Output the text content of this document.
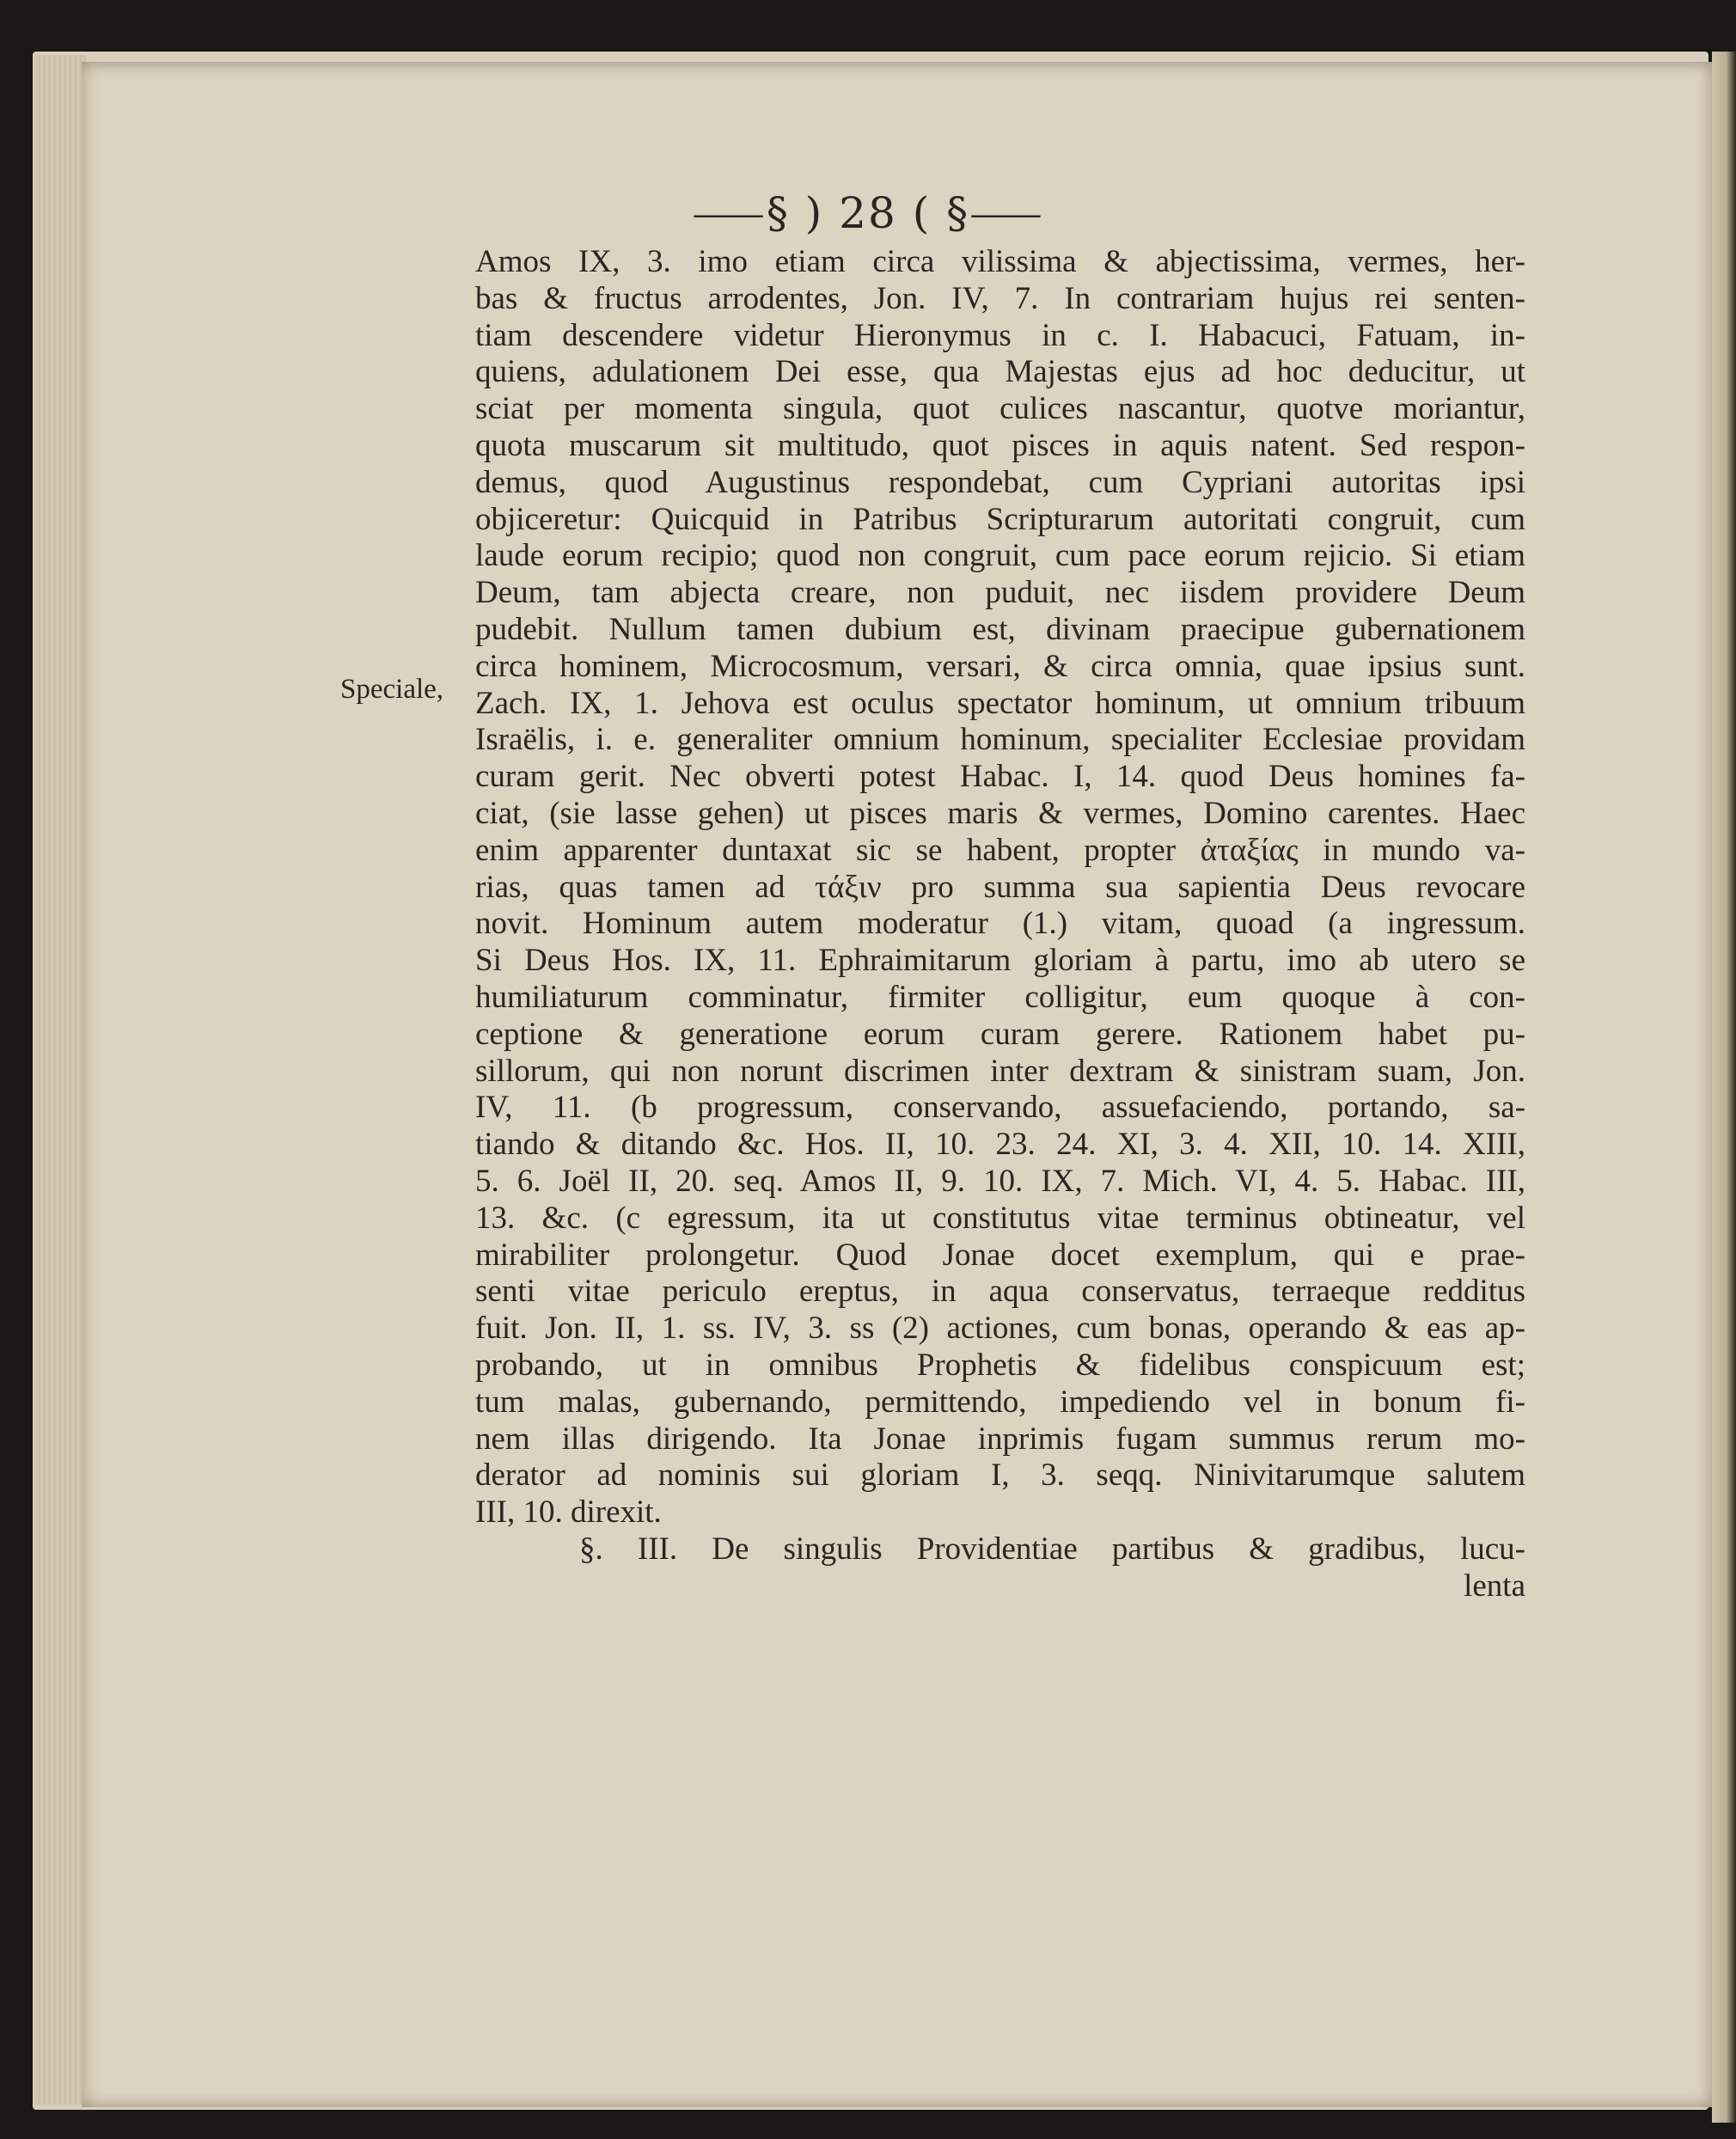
⸺§ ) 28 ( §⸺
Speciale,
Amos IX, 3. imo etiam circa vilissima & abjectissima, vermes, her-
bas & fructus arrodentes, Jon. IV, 7. In contrariam hujus rei senten-
tiam descendere videtur Hieronymus in c. I. Habacuci, Fatuam, in-
quiens, adulationem Dei esse, qua Majestas ejus ad hoc deducitur, ut
sciat per momenta singula, quot culices nascantur, quotve moriantur,
quota muscarum sit multitudo, quot pisces in aquis natent. Sed respon-
demus, quod Augustinus respondebat, cum Cypriani autoritas ipsi
objiceretur: Quicquid in Patribus Scripturarum autoritati congruit, cum
laude eorum recipio; quod non congruit, cum pace eorum rejicio. Si etiam
Deum, tam abjecta creare, non puduit, nec iisdem providere Deum
pudebit. Nullum tamen dubium est, divinam praecipue gubernationem
circa hominem, Microcosmum, versari, & circa omnia, quae ipsius sunt.
Zach. IX, 1. Jehova est oculus spectator hominum, ut omnium tribuum
Israëlis, i. e. generaliter omnium hominum, specialiter Ecclesiae providam
curam gerit. Nec obverti potest Habac. I, 14. quod Deus homines fa-
ciat, (sie lasse gehen) ut pisces maris & vermes, Domino carentes. Haec
enim apparenter duntaxat sic se habent, propter ἀταξίας in mundo va-
rias, quas tamen ad τάξιν pro summa sua sapientia Deus revocare
novit. Hominum autem moderatur (1.) vitam, quoad (a ingressum.
Si Deus Hos. IX, 11. Ephraimitarum gloriam à partu, imo ab utero se
humiliaturum comminatur, firmiter colligitur, eum quoque à con-
ceptione & generatione eorum curam gerere. Rationem habet pu-
sillorum, qui non norunt discrimen inter dextram & sinistram suam, Jon.
IV, 11. (b progressum, conservando, assuefaciendo, portando, sa-
tiando & ditando &c. Hos. II, 10. 23. 24. XI, 3. 4. XII, 10. 14. XIII,
5. 6. Joël II, 20. seq. Amos II, 9. 10. IX, 7. Mich. VI, 4. 5. Habac. III,
13. &c. (c egressum, ita ut constitutus vitae terminus obtineatur, vel
mirabiliter prolongetur. Quod Jonae docet exemplum, qui e prae-
senti vitae periculo ereptus, in aqua conservatus, terraeque redditus
fuit. Jon. II, 1. ss. IV, 3. ss (2) actiones, cum bonas, operando & eas ap-
probando, ut in omnibus Prophetis & fidelibus conspicuum est;
tum malas, gubernando, permittendo, impediendo vel in bonum fi-
nem illas dirigendo. Ita Jonae inprimis fugam summus rerum mo-
derator ad nominis sui gloriam I, 3. seqq. Ninivitarumque salutem
III, 10. direxit.
§. III. De singulis Providentiae partibus & gradibus, lucu-
lenta
